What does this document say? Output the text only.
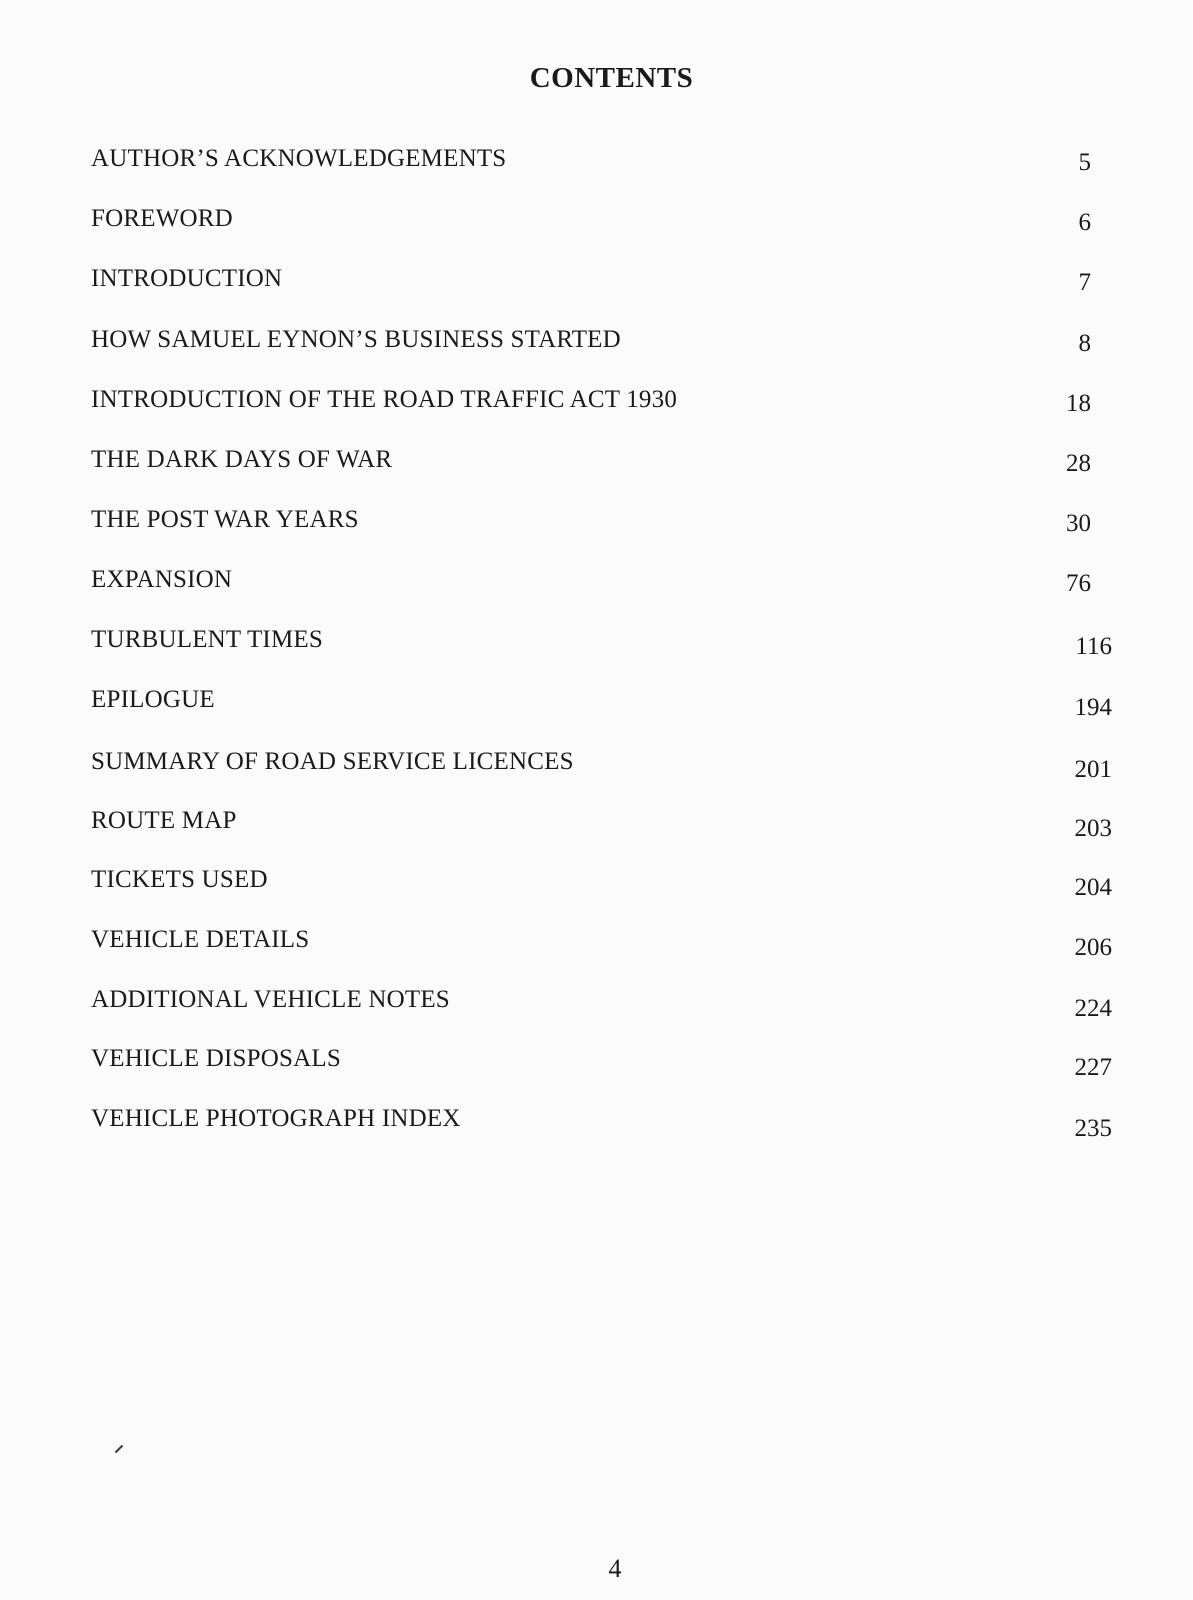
CONTENTS
AUTHOR’S ACKNOWLEDGEMENTS	5
FOREWORD	6
INTRODUCTION	7
HOW SAMUEL EYNON’S BUSINESS STARTED	8
INTRODUCTION OF THE ROAD TRAFFIC ACT 1930	18
THE DARK DAYS OF WAR	28
THE POST WAR YEARS	30
EXPANSION	76
TURBULENT TIMES	116
EPILOGUE	194
SUMMARY OF ROAD SERVICE LICENCES	201
ROUTE MAP	203
TICKETS USED	204
VEHICLE DETAILS	206
ADDITIONAL VEHICLE NOTES	224
VEHICLE DISPOSALS	227
VEHICLE PHOTOGRAPH INDEX	235
4
